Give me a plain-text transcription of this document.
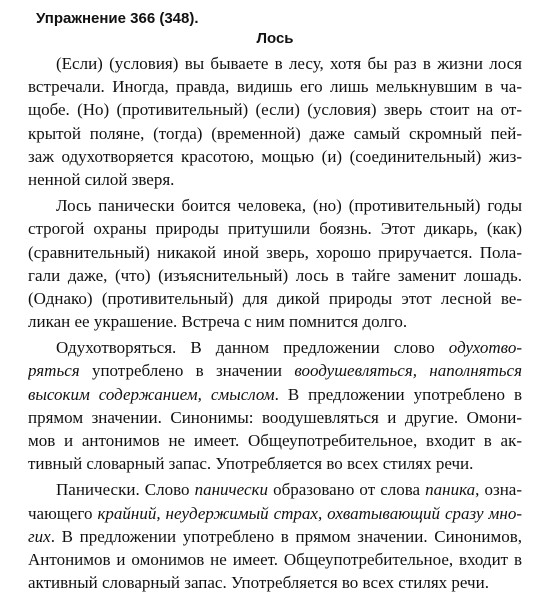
Упражнение 366 (348).
Лось
(Если) (условия) вы бываете в лесу, хотя бы раз в жизни лося
встречали. Иногда, правда, видишь его лишь мелькнувшим в ча-
щобе. (Но) (противительный) (если) (условия) зверь стоит на от-
крытой поляне, (тогда) (временной) даже самый скромный пей-
заж одухотворяется красотою, мощью (и) (соединительный) жиз-
ненной силой зверя.
Лось панически боится человека, (но) (противительный) годы
строгой охраны природы притушили боязнь. Этот дикарь, (как)
(сравнительный) никакой иной зверь, хорошо приручается. Пола-
гали даже, (что) (изъяснительный) лось в тайге заменит лошадь.
(Однако) (противительный) для дикой природы этот лесной ве-
ликан ее украшение. Встреча с ним помнится долго.
Одухотворяться. В данном предложении слово одухотво-
ряться употреблено в значении воодушевляться, наполняться
высоким содержанием, смыслом. В предложении употреблено в
прямом значении. Синонимы: воодушевляться и другие. Омони-
мов и антонимов не имеет. Общеупотребительное, входит в ак-
тивный словарный запас. Употребляется во всех стилях речи.
Панически. Слово панически образовано от слова паника, озна-
чающего крайний, неудержимый страх, охватывающий сразу мно-
гих. В предложении употреблено в прямом значении. Синонимов,
Антонимов и омонимов не имеет. Общеупотребительное, входит в
активный словарный запас. Употребляется во всех стилях речи.
